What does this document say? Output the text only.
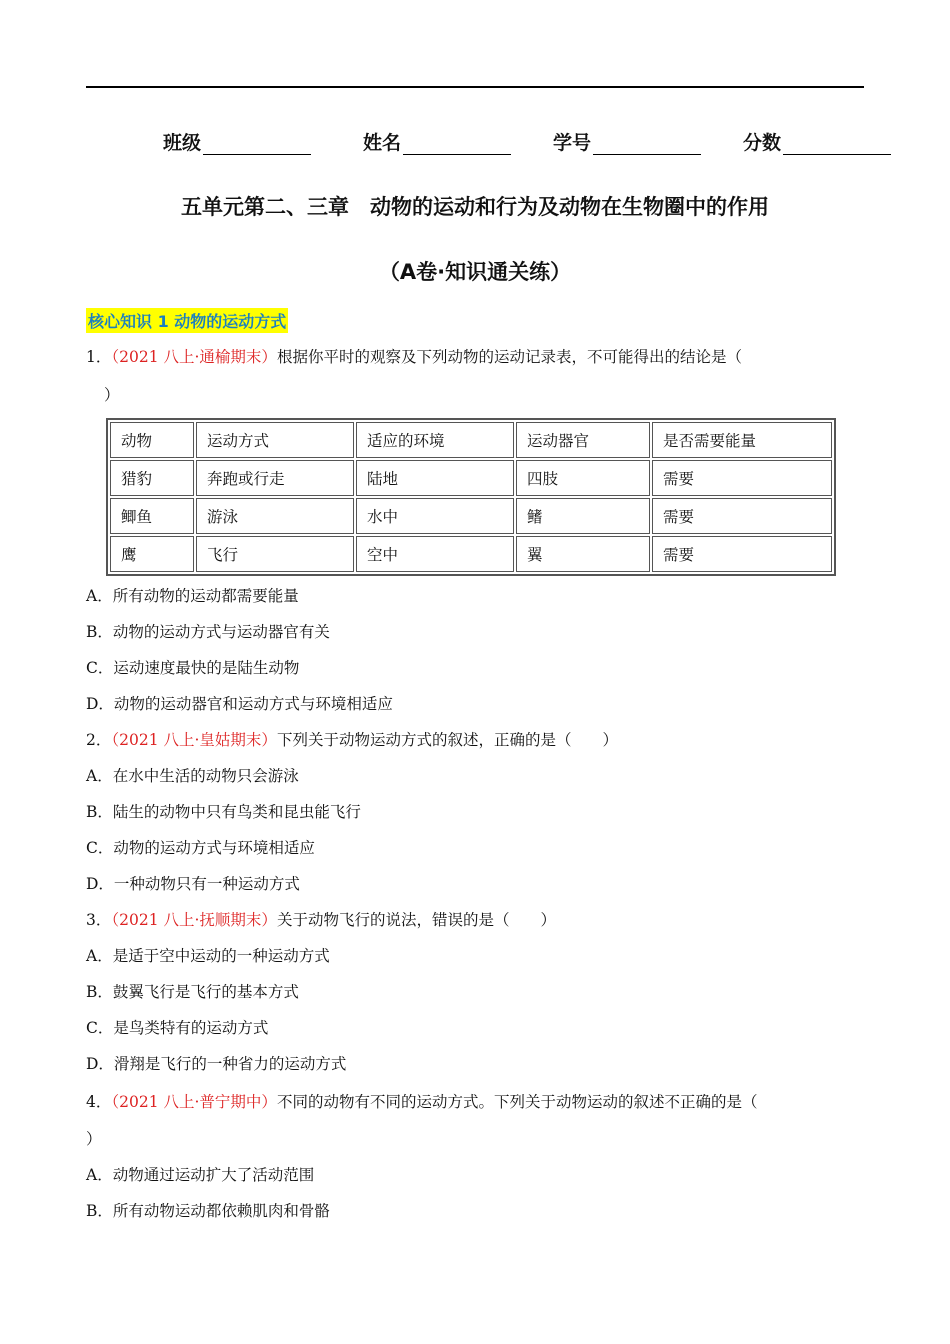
班级	姓名	学号	分数
五单元第二、三章　动物的运动和行为及动物在生物圈中的作用
（A卷·知识通关练）
核心知识 1 动物的运动方式
1．（2021 八上·通榆期末）根据你平时的观察及下列动物的运动记录表，不可能得出的结论是（
）
动物	运动方式	适应的环境	运动器官	是否需要能量
猎豹	奔跑或行走	陆地	四肢	需要
鲫鱼	游泳	水中	鳍	需要
鹰	飞行	空中	翼	需要
A．所有动物的运动都需要能量
B．动物的运动方式与运动器官有关
C．运动速度最快的是陆生动物
D．动物的运动器官和运动方式与环境相适应
2．（2021 八上·皇姑期末）下列关于动物运动方式的叙述，正确的是（　　）
A．在水中生活的动物只会游泳
B．陆生的动物中只有鸟类和昆虫能飞行
C．动物的运动方式与环境相适应
D．一种动物只有一种运动方式
3．（2021 八上·抚顺期末）关于动物飞行的说法，错误的是（　　）
A．是适于空中运动的一种运动方式
B．鼓翼飞行是飞行的基本方式
C．是鸟类特有的运动方式
D．滑翔是飞行的一种省力的运动方式
4．（2021 八上·普宁期中）不同的动物有不同的运动方式。下列关于动物运动的叙述不正确的是（
）
A．动物通过运动扩大了活动范围
B．所有动物运动都依赖肌肉和骨骼
